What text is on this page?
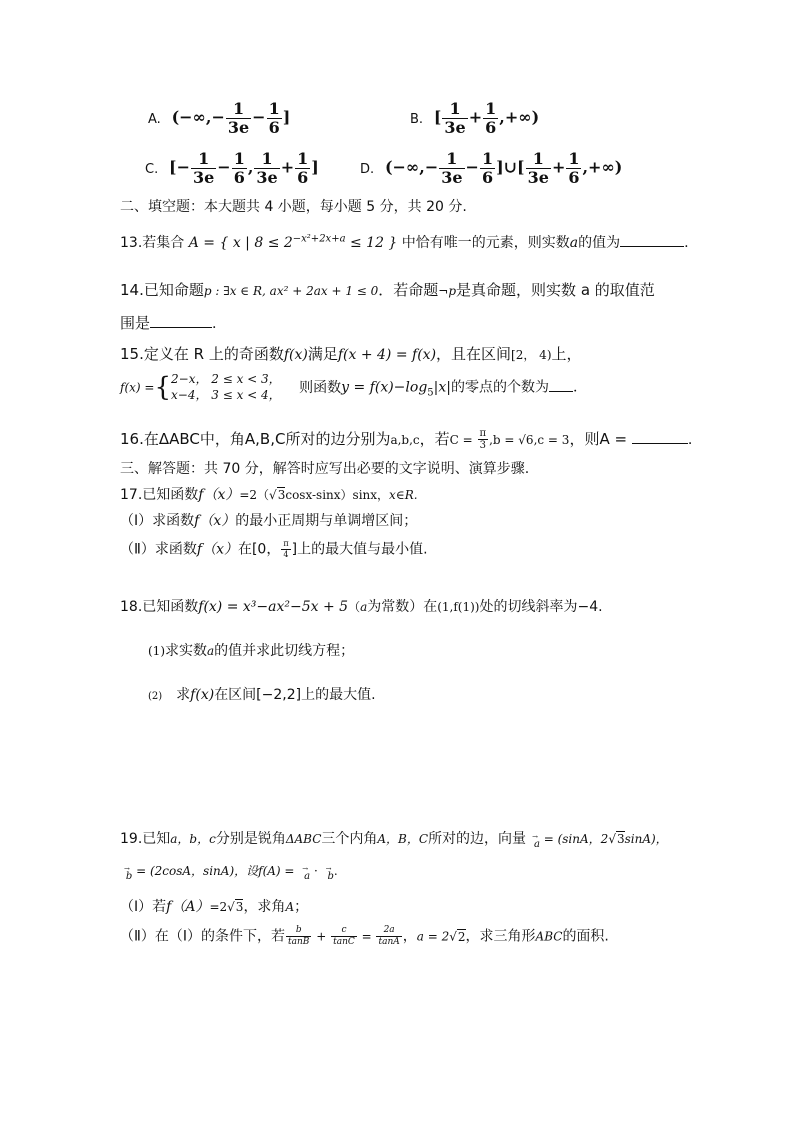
A. (−∞,− $\frac{1}{3e} - \frac{1}{6}$ ]	B. [ $\frac{1}{3e} + \frac{1}{6}$ ,+∞)
C. [− $\frac{1}{3e} - \frac{1}{6}$ , $\frac{1}{3e} + \frac{1}{6}$ ]	D. (−∞,− $\frac{1}{3e} - \frac{1}{6}$ ]∪[ $\frac{1}{3e} + \frac{1}{6}$ ,+∞)
二、填空题：本大题共 4 小题，每小题 5 分，共 20 分.
13.若集合 A = { x | $8 \le 2^{-x^2+2x+a} \le 12$ } 中恰有唯一的元素，则实数a的值为	.
14.已知命题p : ∃x ∈ R, ax² + 2ax + 1 ≤ 0．若命题¬p是真命题，则实数 a 的取值范
围是	.
15.定义在 R 上的奇函数f(x)满足f(x + 4) = f(x)，且在区间[2， 4)上，
f(x) ={ 2−x， 2 ≤ x < 3，
x−4， 3 ≤ x < 4， 则函数$y = f(x)-\log_5|x|$的零点的个数为 .
16.在ΔABC中，角A,B,C所对的边分别为a,b,c，若$C = \frac{\pi}{3} ,b = √6,c = 3$，则A =	.
三、解答题：共 70 分，解答时应写出必要的文字说明、演算步骤.
17.已知函数f（x）=2（√3cosx-sinx）sinx，x∈R.
（Ⅰ）求函数f（x）的最小正周期与单调增区间；
（Ⅱ）求函数f（x）在[0， $\frac{\pi}{4}$ ]上的最大值与最小值.
18.已知函数f(x) = x³−ax²−5x + 5（a为常数）在(1,f(1))处的切线斜率为−4.
(1)求实数a的值并求此切线方程；
(2) 求f(x)在区间[−2,2]上的最大值.
19.已知a，b，c分别是锐角ΔABC三个内角A，B，C所对的边，向量 →a = (sinA，2√3sinA)，
→b = (2cosA，sinA)，设f(A) = →a · →b.
（Ⅰ）若f（A）=2√3，求角A；
（Ⅱ）在（Ⅰ）的条件下，若 $\frac{b}{\tan B} + \frac{c}{\tan C} = \frac{2a}{\tan A}$ ，a = 2√2，求三角形ABC的面积.
